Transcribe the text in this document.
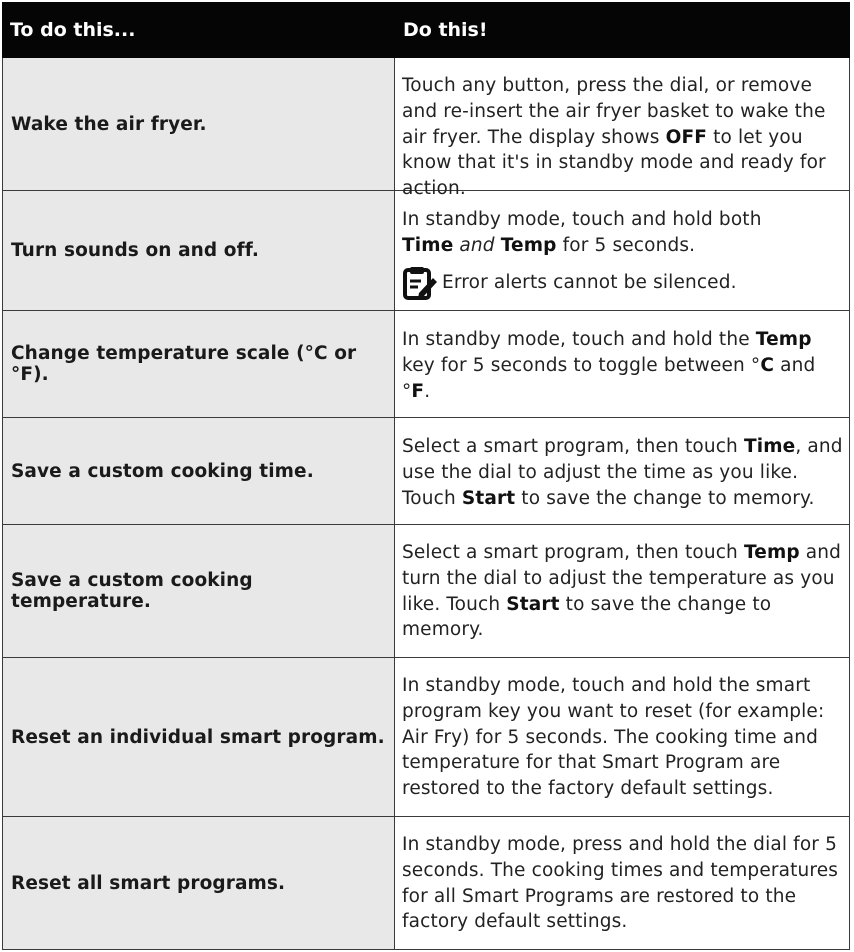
To do this...	Do this!
Wake the air fryer.

Touch any button, press the dial, or remove and re-insert the air fryer basket to wake the air fryer. The display shows OFF to let you know that it's in standby mode and ready for action.

Turn sounds on and off.

In standby mode, touch and hold both
Time and Temp for 5 seconds.

Error alerts cannot be silenced.
Change temperature scale (°C or °F).

In standby mode, touch and hold the Temp key for 5 seconds to toggle between °C and °F.

Save a custom cooking time.

Select a smart program, then touch Time, and use the dial to adjust the time as you like. Touch Start to save the change to memory.

Save a custom cooking temperature.

Select a smart program, then touch Temp and turn the dial to adjust the temperature as you like. Touch Start to save the change to memory.

Reset an individual smart program.

In standby mode, touch and hold the smart program key you want to reset (for example: Air Fry) for 5 seconds. The cooking time and temperature for that Smart Program are restored to the factory default settings.

Reset all smart programs.

In standby mode, press and hold the dial for 5 seconds. The cooking times and temperatures for all Smart Programs are restored to the factory default settings.
